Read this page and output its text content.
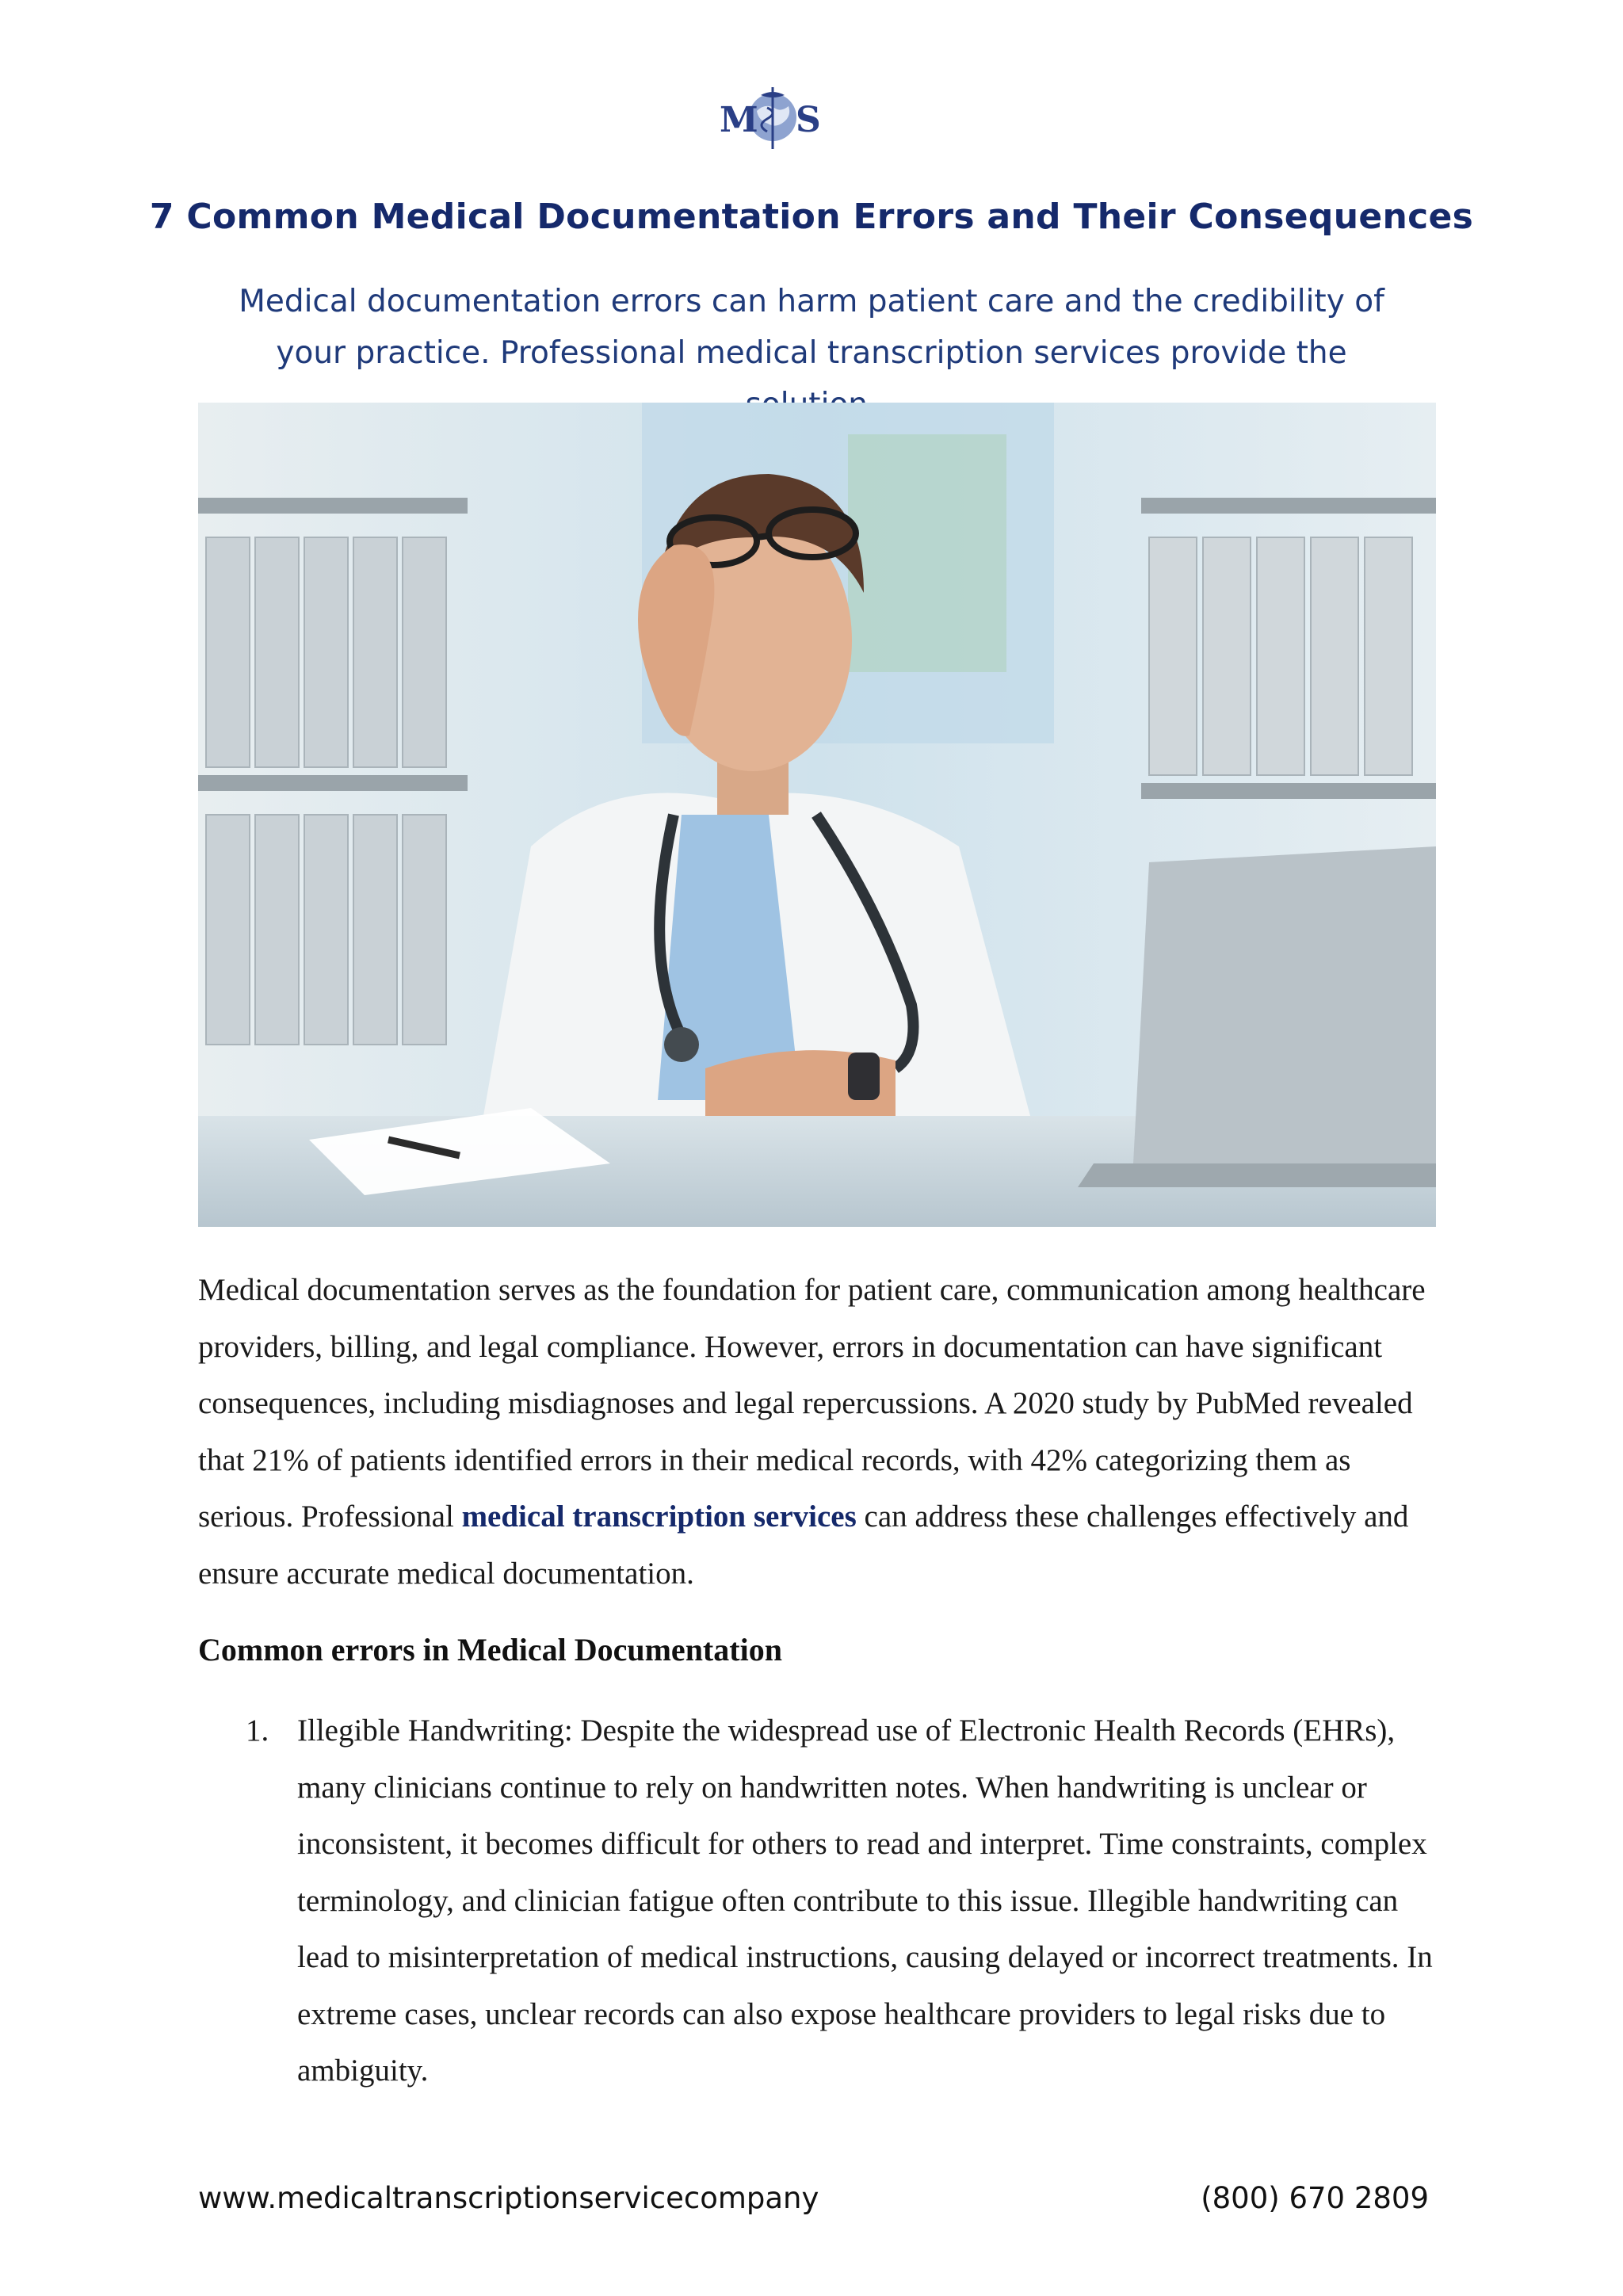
M S
7 Common Medical Documentation Errors and Their Consequences
Medical documentation errors can harm patient care and the credibility of your practice. Professional medical transcription services provide the

Medical documentation serves as the foundation for patient care, communication among healthcare providers, billing, and legal compliance. However, errors in documentation can have significant consequences, including misdiagnoses and legal repercussions. A 2020 study by PubMed revealed that 21% of patients identified errors in their medical records, with 42% categorizing them as serious. Professional medical transcription services can address these challenges effectively and ensure accurate medical documentation.

Common errors in Medical Documentation
1. Illegible Handwriting: Despite the widespread use of Electronic Health Records (EHRs), many clinicians continue to rely on handwritten notes. When handwriting is unclear or inconsistent, it becomes difficult for others to read and interpret. Time constraints, complex terminology, and clinician fatigue often contribute to this issue. Illegible handwriting can lead to misinterpretation of medical instructions, causing delayed or incorrect treatments. In extreme cases, unclear records can also expose healthcare providers to legal risks due to ambiguity.
www.medicaltranscriptionservicecompany	(800) 670 2809
